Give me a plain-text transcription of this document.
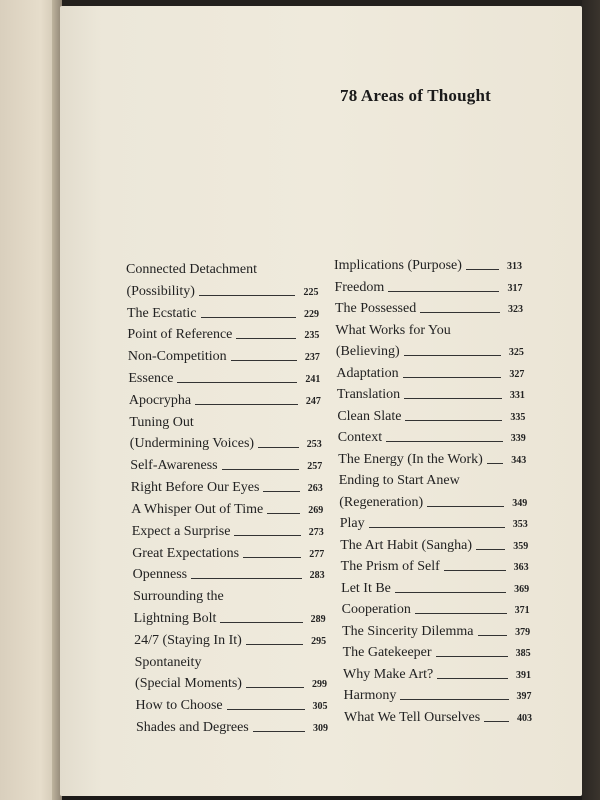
78 Areas of Thought
Connected Detachment
(Possibility)	225
The Ecstatic	229
Point of Reference	235
Non-Competition	237
Essence	241
Apocrypha	247
Tuning Out
(Undermining Voices)	253
Self-Awareness	257
Right Before Our Eyes	263
A Whisper Out of Time	269
Expect a Surprise	273
Great Expectations	277
Openness	283
Surrounding the
Lightning Bolt	289
24/7 (Staying In It)	295
Spontaneity
(Special Moments)	299
How to Choose	305
Shades and Degrees	309
Implications (Purpose)	313
Freedom	317
The Possessed	323
What Works for You
(Believing)	325
Adaptation	327
Translation	331
Clean Slate	335
Context	339
The Energy (In the Work)	343
Ending to Start Anew
(Regeneration)	349
Play	353
The Art Habit (Sangha)	359
The Prism of Self	363
Let It Be	369
Cooperation	371
The Sincerity Dilemma	379
The Gatekeeper	385
Why Make Art?	391
Harmony	397
What We Tell Ourselves	403
